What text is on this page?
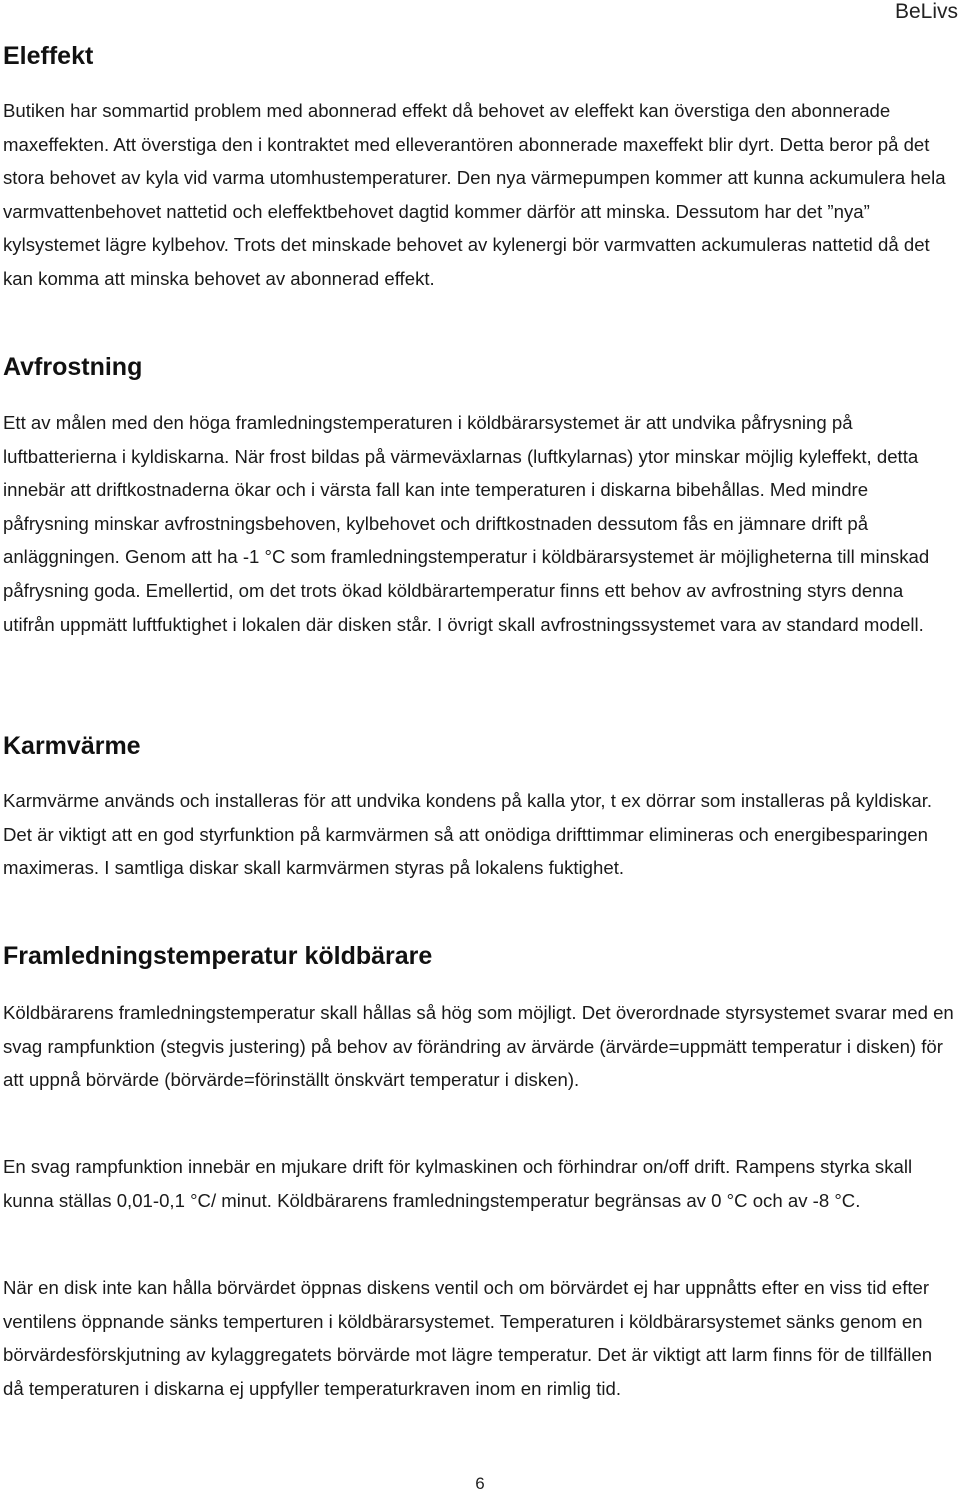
BeLivs
Eleffekt

Butiken har sommartid problem med abonnerad effekt då behovet av eleffekt kan överstiga den abonnerade maxeffekten. Att överstiga den i kontraktet med elleverantören abonnerade maxeffekt blir dyrt. Detta beror på det stora behovet av kyla vid varma utomhustemperaturer. Den nya värmepumpen kommer att kunna ackumulera hela varmvattenbehovet nattetid och eleffektbehovet dagtid kommer därför att minska. Dessutom har det ”nya” kylsystemet lägre kylbehov. Trots det minskade behovet av kylenergi bör varmvatten ackumuleras nattetid då det kan komma att minska behovet av abonnerad effekt.

Avfrostning

Ett av målen med den höga framledningstemperaturen i köldbärarsystemet är att undvika påfrysning på luftbatterierna i kyldiskarna. När frost bildas på värmeväxlarnas (luftkylarnas) ytor minskar möjlig kyleffekt, detta innebär att driftkostnaderna ökar och i värsta fall kan inte temperaturen i diskarna bibehållas. Med mindre påfrysning minskar avfrostningsbehoven, kylbehovet och driftkostnaden dessutom fås en jämnare drift på anläggningen. Genom att ha -1 °C som framledningstemperatur i köldbärarsystemet är möjligheterna till minskad påfrysning goda. Emellertid, om det trots ökad köldbärartemperatur finns ett behov av avfrostning styrs denna utifrån uppmätt luftfuktighet i lokalen där disken står. I övrigt skall avfrostningssystemet vara av standard modell.

Karmvärme

Karmvärme används och installeras för att undvika kondens på kalla ytor, t ex dörrar som installeras på kyldiskar. Det är viktigt att en god styrfunktion på karmvärmen så att onödiga drifttimmar elimineras och energibesparingen maximeras. I samtliga diskar skall karmvärmen styras på lokalens fuktighet.

Framledningstemperatur köldbärare

Köldbärarens framledningstemperatur skall hållas så hög som möjligt. Det överordnade styrsystemet svarar med en svag rampfunktion (stegvis justering) på behov av förändring av ärvärde (ärvärde=uppmätt temperatur i disken) för att uppnå börvärde (börvärde=förinställt önskvärt temperatur i disken).

En svag rampfunktion innebär en mjukare drift för kylmaskinen och förhindrar on/off drift. Rampens styrka skall kunna ställas 0,01-0,1 °C/ minut. Köldbärarens framledningstemperatur begränsas av 0 °C och av -8 °C.

När en disk inte kan hålla börvärdet öppnas diskens ventil och om börvärdet ej har uppnåtts efter en viss tid efter ventilens öppnande sänks temperturen i köldbärarsystemet. Temperaturen i köldbärarsystemet sänks genom en börvärdesförskjutning av kylaggregatets börvärde mot lägre temperatur. Det är viktigt att larm finns för de tillfällen då temperaturen i diskarna ej uppfyller temperaturkraven inom en rimlig tid.

6
